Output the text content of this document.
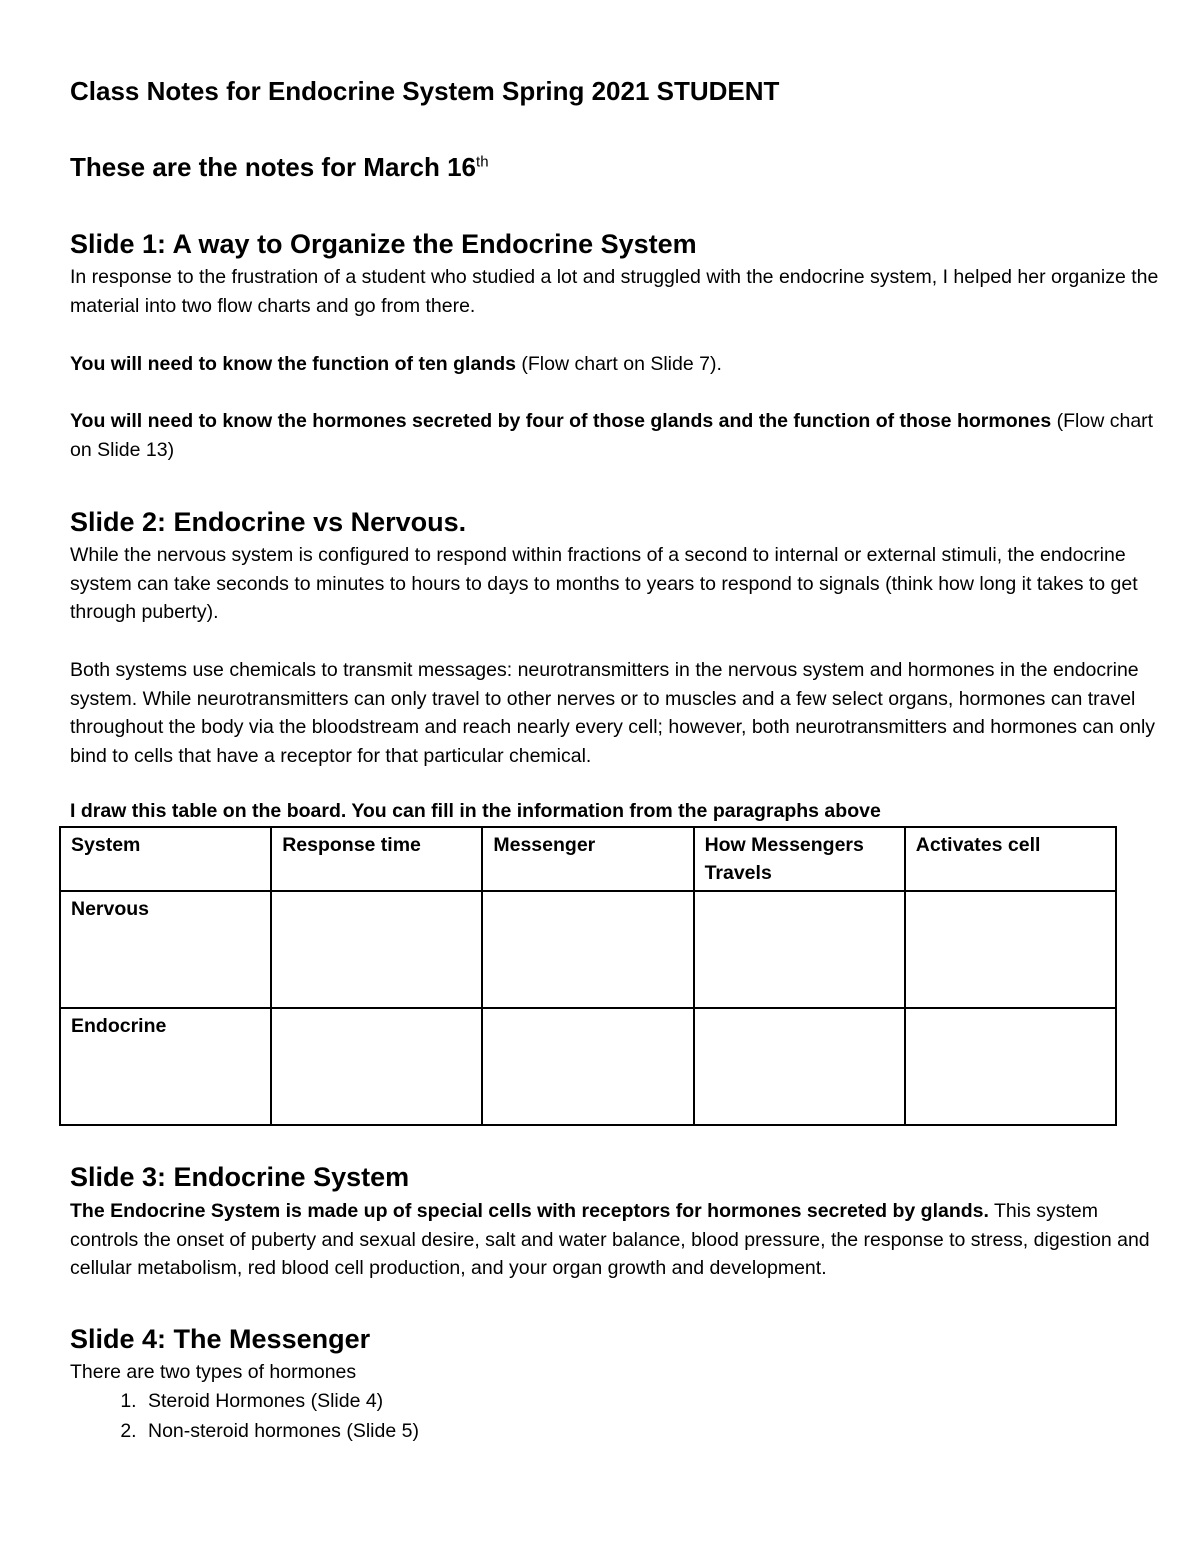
Class Notes for Endocrine System Spring 2021 STUDENT
These are the notes for March 16th
Slide 1: A way to Organize the Endocrine System
In response to the frustration of a student who studied a lot and struggled with the endocrine system, I helped her organize the material into two flow charts and go from there.
You will need to know the function of ten glands (Flow chart on Slide 7).
You will need to know the hormones secreted by four of those glands and the function of those hormones (Flow chart on Slide 13)
Slide 2: Endocrine vs Nervous.
While the nervous system is configured to respond within fractions of a second to internal or external stimuli, the endocrine system can take seconds to minutes to hours to days to months to years to respond to signals (think how long it takes to get through puberty).
Both systems use chemicals to transmit messages: neurotransmitters in the nervous system and hormones in the endocrine system. While neurotransmitters can only travel to other nerves or to muscles and a few select organs, hormones can travel throughout the body via the bloodstream and reach nearly every cell; however, both neurotransmitters and hormones can only bind to cells that have a receptor for that particular chemical.
I draw this table on the board. You can fill in the information from the paragraphs above
System	Response time	Messenger	How Messengers Travels	Activates cell
Nervous				
Endocrine				
Slide 3: Endocrine System
The Endocrine System is made up of special cells with receptors for hormones secreted by glands. This system controls the onset of puberty and sexual desire, salt and water balance, blood pressure, the response to stress, digestion and cellular metabolism, red blood cell production, and your organ growth and development.
Slide 4: The Messenger
There are two types of hormones
1. Steroid Hormones (Slide 4)
2. Non-steroid hormones (Slide 5)
